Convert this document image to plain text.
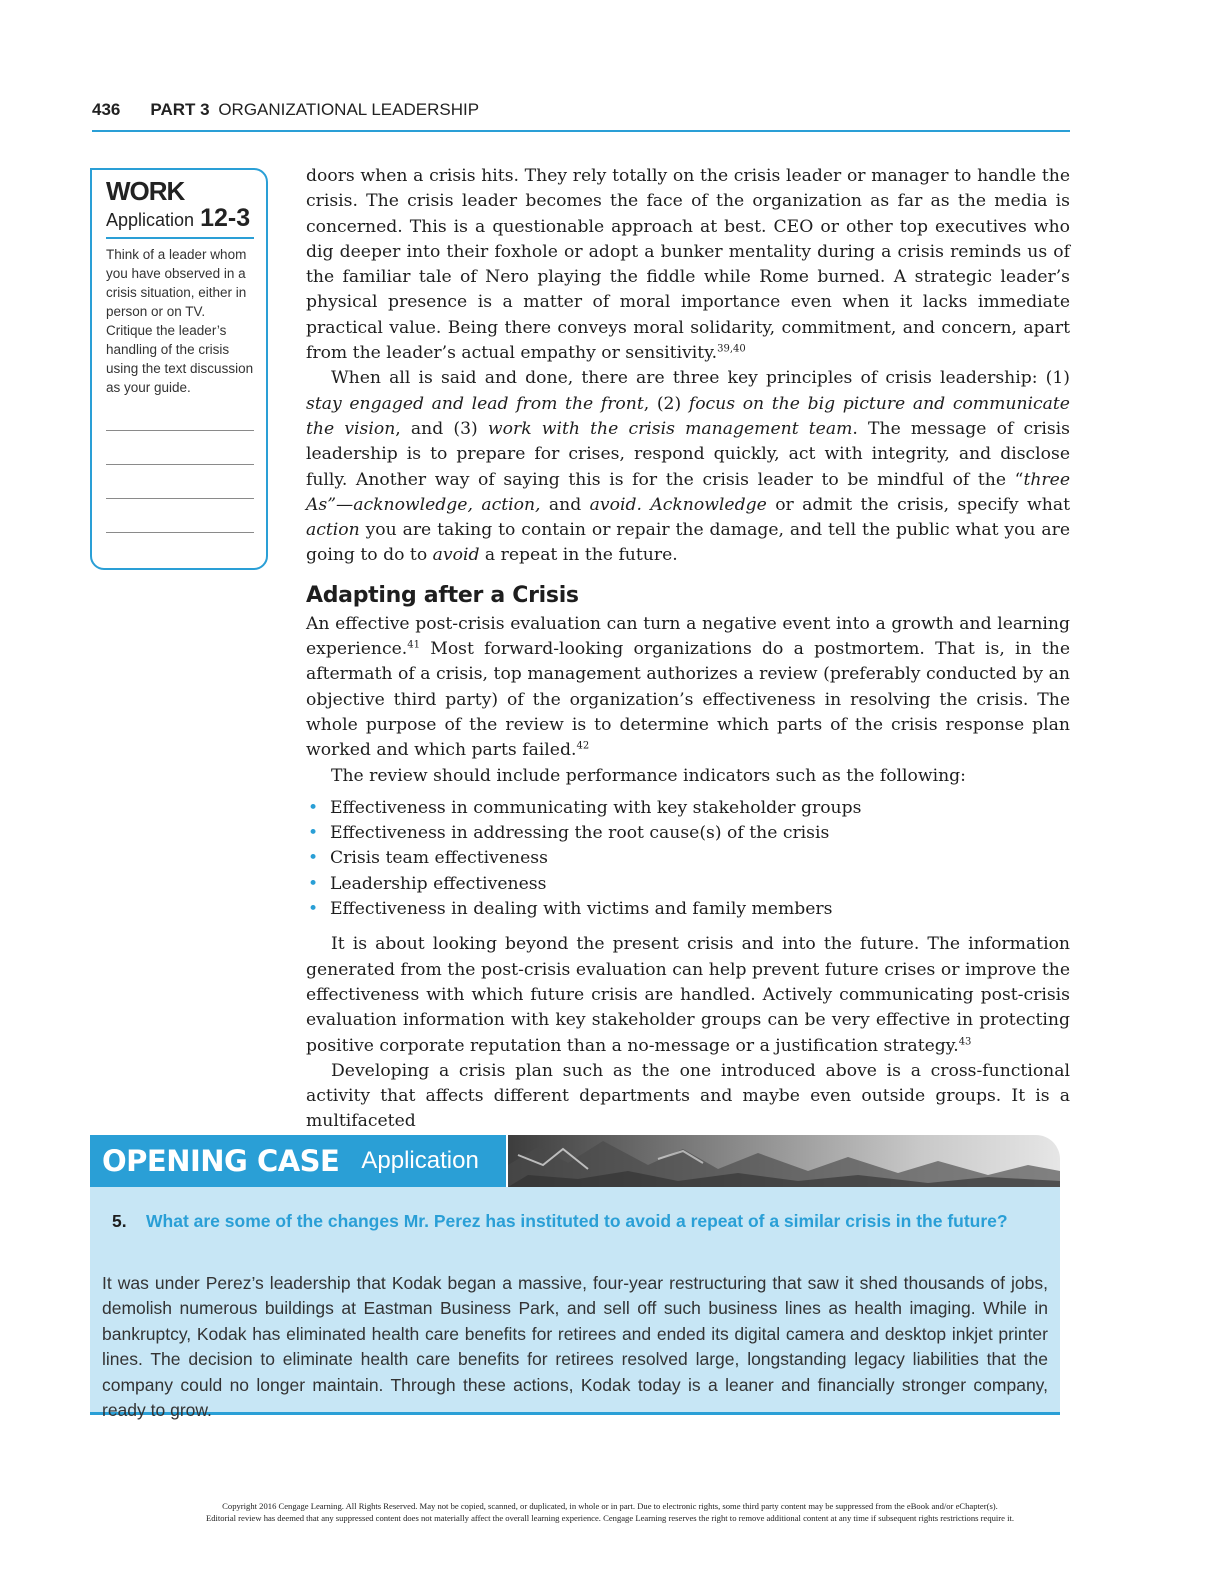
436 PART 3 ORGANIZATIONAL LEADERSHIP
WORK
Application 12-3
Think of a leader whom you have observed in a crisis situation, either in person or on TV. Critique the leader’s handling of the crisis using the text discussion as your guide.

doors when a crisis hits. They rely totally on the crisis leader or manager to handle the crisis. The crisis leader becomes the face of the organization as far as the media is concerned. This is a questionable approach at best. CEO or other top executives who dig deeper into their foxhole or adopt a bunker mentality during a crisis reminds us of the familiar tale of Nero playing the fiddle while Rome burned. A strategic leader’s physical presence is a matter of moral importance even when it lacks immediate practical value. Being there conveys moral solidarity, commitment, and concern, apart from the leader’s actual empathy or sensitivity.$^{39,40}$

When all is said and done, there are three key principles of crisis leadership: (1) stay engaged and lead from the front, (2) focus on the big picture and communicate the vision, and (3) work with the crisis management team. The message of crisis leadership is to prepare for crises, respond quickly, act with integrity, and disclose fully. Another way of saying this is for the crisis leader to be mindful of the “three As”—acknowledge, action, and avoid. Acknowledge or admit the crisis, specify what action you are taking to contain or repair the damage, and tell the public what you are going to do to avoid a repeat in the future.

Adapting after a Crisis

An effective post-crisis evaluation can turn a negative event into a growth and learning experience.$^{41}$ Most forward-looking organizations do a postmortem. That is, in the aftermath of a crisis, top management authorizes a review (preferably conducted by an objective third party) of the organization’s effectiveness in resolving the crisis. The whole purpose of the review is to determine which parts of the crisis response plan worked and which parts failed.$^{42}$

The review should include performance indicators such as the following:

• Effectiveness in communicating with key stakeholder groups
• Effectiveness in addressing the root cause(s) of the crisis
• Crisis team effectiveness
• Leadership effectiveness
• Effectiveness in dealing with victims and family members

It is about looking beyond the present crisis and into the future. The information generated from the post-crisis evaluation can help prevent future crises or improve the effectiveness with which future crisis are handled. Actively communicating post-crisis evaluation information with key stakeholder groups can be very effective in protecting positive corporate reputation than a no-message or a justification strategy.$^{43}$

Developing a crisis plan such as the one introduced above is a cross-functional activity that affects different departments and maybe even outside groups. It is a multifaceted

OPENING CASE Application
5.	What are some of the changes Mr. Perez has instituted to avoid a repeat of a similar crisis in the future?
It was under Perez’s leadership that Kodak began a massive, four-year restructuring that saw it shed thousands of jobs, demolish numerous buildings at Eastman Business Park, and sell off such business lines as health imaging. While in bankruptcy, Kodak has eliminated health care benefits for retirees and ended its digital camera and desktop inkjet printer lines. The decision to eliminate health care benefits for retirees resolved large, longstanding legacy liabilities that the company could no longer maintain. Through these actions, Kodak today is a leaner and financially stronger company, ready to grow.
Copyright 2016 Cengage Learning. All Rights Reserved. May not be copied, scanned, or duplicated, in whole or in part. Due to electronic rights, some third party content may be suppressed from the eBook and/or eChapter(s).
Editorial review has deemed that any suppressed content does not materially affect the overall learning experience. Cengage Learning reserves the right to remove additional content at any time if subsequent rights restrictions require it.
